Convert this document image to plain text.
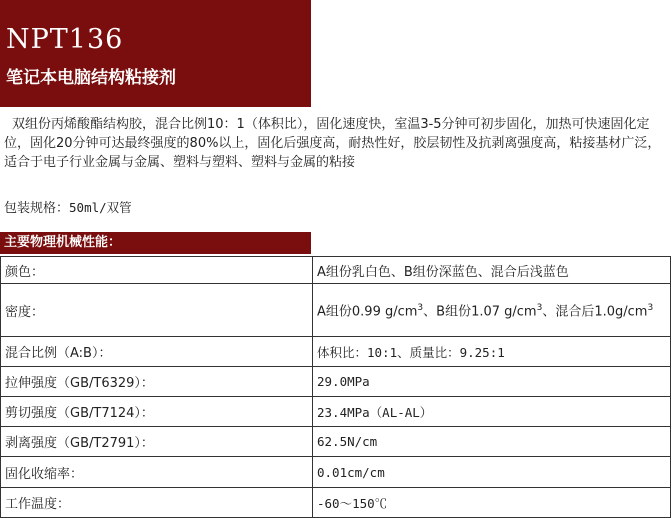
NPT136
笔记本电脑结构粘接剂

双组份丙烯酸酯结构胶，混合比例10：1（体积比），固化速度快，室温3-5分钟可初步固化，加热可快速固化定位，固化20分钟可达最终强度的80%以上，固化后强度高，耐热性好，胶层韧性及抗剥离强度高，粘接基材广泛，适合于电子行业金属与金属、塑料与塑料、塑料与金属的粘接

包装规格：50ml/双管
主要物理机械性能：
颜色：	A组份乳白色、B组份深蓝色、混合后浅蓝色
密度：	A组份0.99 $g/cm^3$、B组份1.07 $g/cm^3$、混合后$1.0g/cm^3$
混合比例（A:B）：	体积比：10:1、质量比：9.25:1
拉伸强度（GB/T6329）：	29.0MPa
剪切强度（GB/T7124）：	23.4MPa（AL-AL）
剥离强度（GB/T2791）：	62.5N/cm
固化收缩率：	0.01cm/cm
工作温度：	-60～150℃
